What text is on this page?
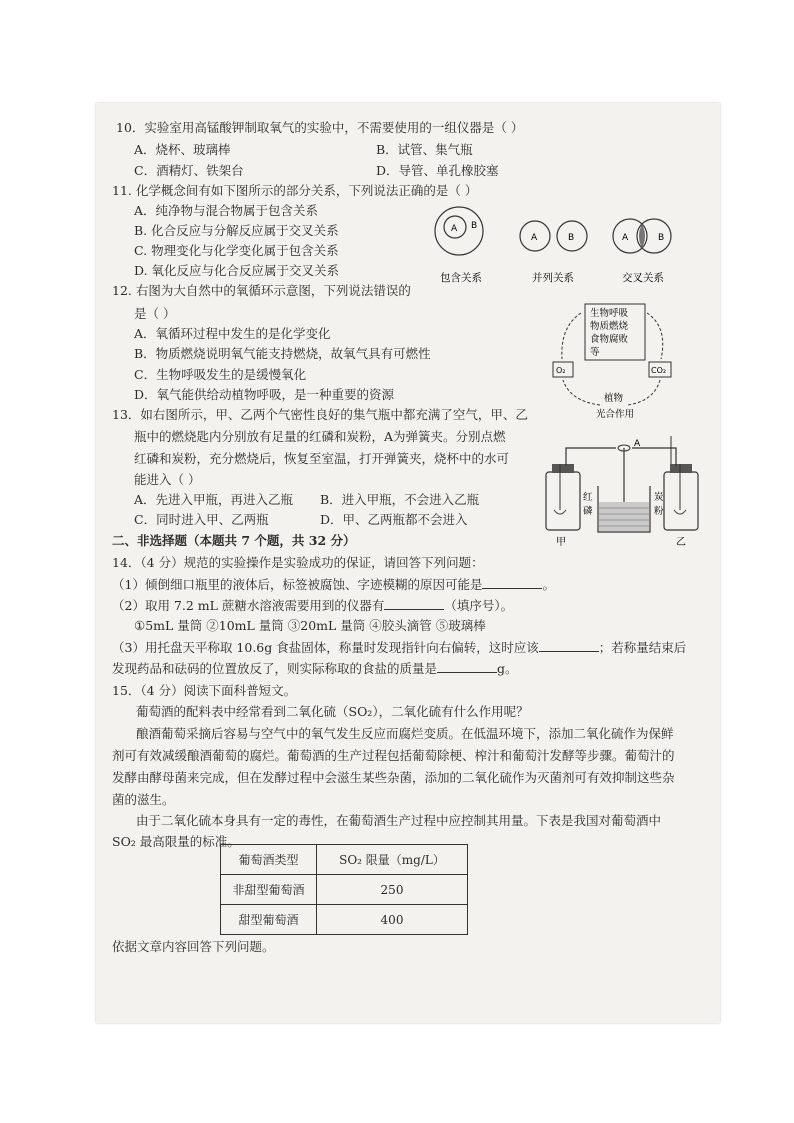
10．实验室用高锰酸钾制取氧气的实验中，不需要使用的一组仪器是（ ）
A．烧杯、玻璃棒	B．试管、集气瓶
C．酒精灯、铁架台	D．导管、单孔橡胶塞
11. 化学概念间有如下图所示的部分关系，下列说法正确的是（ ）
A．纯净物与混合物属于包含关系
B. 化合反应与分解反应属于交叉关系
C. 物理变化与化学变化属于包含关系
D. 氧化反应与化合反应属于交叉关系
A B
A	B	A	B
包含关系	并列关系	交叉关系
12. 右图为大自然中的氧循环示意图，下列说法错误的
是（ ）
A．氧循环过程中发生的是化学变化
B．物质燃烧说明氧气能支持燃烧，故氧气具有可燃性
C．生物呼吸发生的是缓慢氧化
D．氧气能供给动植物呼吸，是一种重要的资源
生物呼吸
物质燃烧
食物腐败
等
O₂	CO₂
植物
光合作用
13．如右图所示，甲、乙两个气密性良好的集气瓶中都充满了空气，甲、乙
瓶中的燃烧匙内分别放有足量的红磷和炭粉，A为弹簧夹。分别点燃
红磷和炭粉，充分燃烧后，恢复至室温，打开弹簧夹，烧杯中的水可
能进入（ ）
A．先进入甲瓶，再进入乙瓶 B．进入甲瓶，不会进入乙瓶
C．同时进入甲、乙两瓶	D．甲、乙两瓶都不会进入
A
红
磷
炭
粉
甲	乙
二、非选择题（本题共 7 个题，共 32 分）
14．（4 分）规范的实验操作是实验成功的保证，请回答下列问题：
（1）倾倒细口瓶里的液体后，标签被腐蚀、字迹模糊的原因可能是	。
（2）取用 7.2 mL 蔗糖水溶液需要用到的仪器有	（填序号）。
①5mL 量筒 ②10mL 量筒 ③20mL 量筒 ④胶头滴管 ⑤玻璃棒
（3）用托盘天平称取 10.6g 食盐固体，称量时发现指针向右偏转，这时应该	；若称量结束后
发现药品和砝码的位置放反了，则实际称取的食盐的质量是	g。
15．（4 分）阅读下面科普短文。
葡萄酒的配料表中经常看到二氧化硫（SO₂），二氧化硫有什么作用呢？
酿酒葡萄采摘后容易与空气中的氧气发生反应而腐烂变质。在低温环境下，添加二氧化硫作为保鲜
剂可有效减缓酿酒葡萄的腐烂。葡萄酒的生产过程包括葡萄除梗、榨汁和葡萄汁发酵等步骤。葡萄汁的
发酵由酵母菌来完成，但在发酵过程中会滋生某些杂菌，添加的二氧化硫作为灭菌剂可有效抑制这些杂
菌的滋生。
由于二氧化硫本身具有一定的毒性，在葡萄酒生产过程中应控制其用量。下表是我国对葡萄酒中
SO₂ 最高限量的标准。
葡萄酒类型	SO₂ 限量（mg/L）
非甜型葡萄酒	250
甜型葡萄酒	400
依据文章内容回答下列问题。
